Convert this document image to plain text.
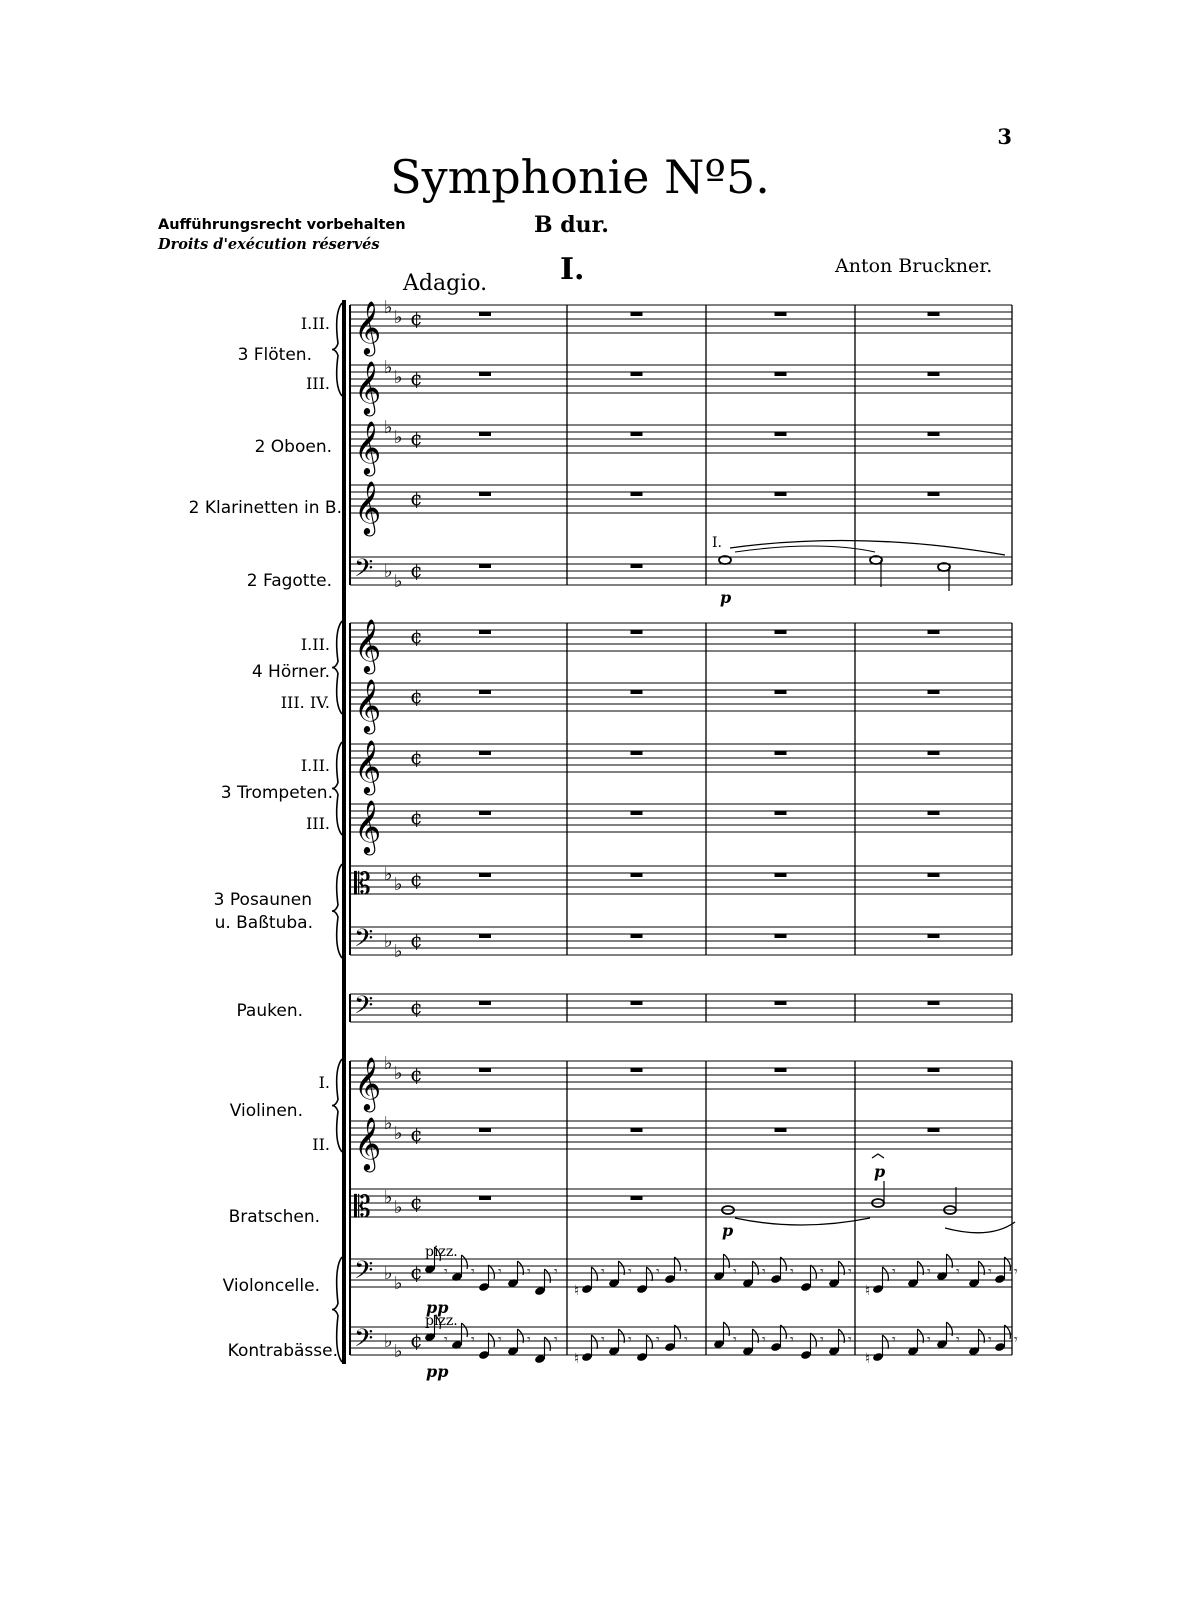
3
Symphonie Nº5.
Aufführungsrecht vorbehalten
Droits d'exécution réservés
B dur.
I.	Anton Bruckner.
Adagio.
3 Flöten.
2 Oboen.
2 Klarinetten in B.
2 Fagotte.
4 Hörner.
3 Trompeten.
3 Posaunen
u. Baßtuba.
Pauken.
Violinen.
Bratschen.
Violoncelle.
Kontrabässe.
I.II.
III.
I.II.
III. IV.
I.II.
III.
I.
II.
I.
p
p
p
pizz.
pp
pizz.
pp
𝄞 ♭ ♭ ¢
𝄞 ♭ ♭ ¢
𝄞 ♭ ♭ ¢
𝄞 ¢
𝄢 ♭ ♭ ¢
𝄞 ¢
𝄞 ¢
𝄞 ¢
𝄞 ¢
𝄡 ♭ ♭ ¢
𝄢 ♭ ♭ ¢
𝄢 ¢
𝄞 ♭ ♭ ¢
𝄞 ♭ ♭ ¢
𝄡 ♭ ♭ ¢
𝄢 ♭ ♭ ¢
𝄢 ♭ ♭ ¢
𝄾 𝄾 𝄾 𝄾 𝄾	𝄾
♮
𝄾 𝄾 𝄾	𝄾 𝄾 𝄾 𝄾 𝄾	𝄾
♮
𝄾 𝄾 𝄾 𝄾
𝄾 𝄾 𝄾 𝄾 𝄾	𝄾
♮
𝄾 𝄾 𝄾	𝄾 𝄾 𝄾 𝄾 𝄾	𝄾
♮
𝄾 𝄾 𝄾 𝄾
